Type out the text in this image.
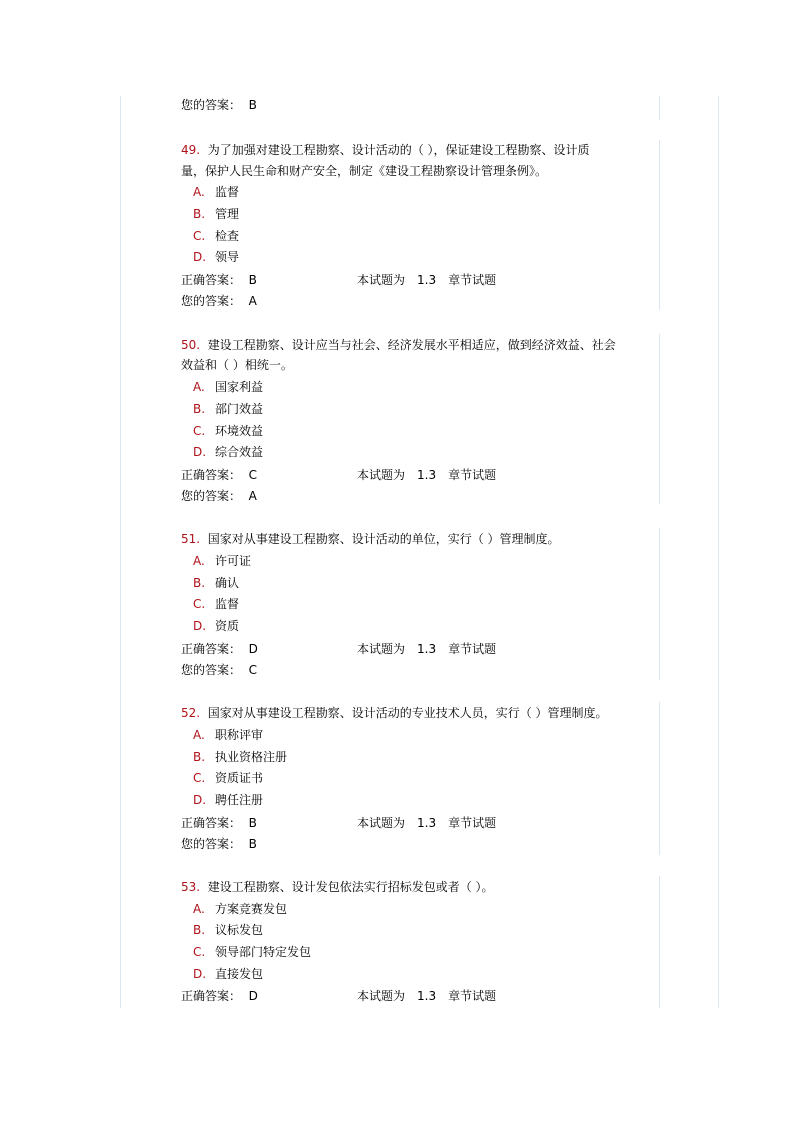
您的答案： B
49. 为了加强对建设工程勘察、设计活动的（ ），保证建设工程勘察、设计质
量，保护人民生命和财产安全，制定《建设工程勘察设计管理条例》。
A. 监督
B. 管理
C. 检查
D. 领导
正确答案： B	本试题为 1.3 章节试题
您的答案： A
50. 建设工程勘察、设计应当与社会、经济发展水平相适应，做到经济效益、社会
效益和（ ）相统一。
A. 国家利益
B. 部门效益
C. 环境效益
D. 综合效益
正确答案： C	本试题为 1.3 章节试题
您的答案： A
51. 国家对从事建设工程勘察、设计活动的单位，实行（ ）管理制度。
A. 许可证
B. 确认
C. 监督
D. 资质
正确答案： D	本试题为 1.3 章节试题
您的答案： C
52. 国家对从事建设工程勘察、设计活动的专业技术人员，实行（ ）管理制度。
A. 职称评审
B. 执业资格注册
C. 资质证书
D. 聘任注册
正确答案： B	本试题为 1.3 章节试题
您的答案： B
53. 建设工程勘察、设计发包依法实行招标发包或者（ ）。
A. 方案竞赛发包
B. 议标发包
C. 领导部门特定发包
D. 直接发包
正确答案： D	本试题为 1.3 章节试题
